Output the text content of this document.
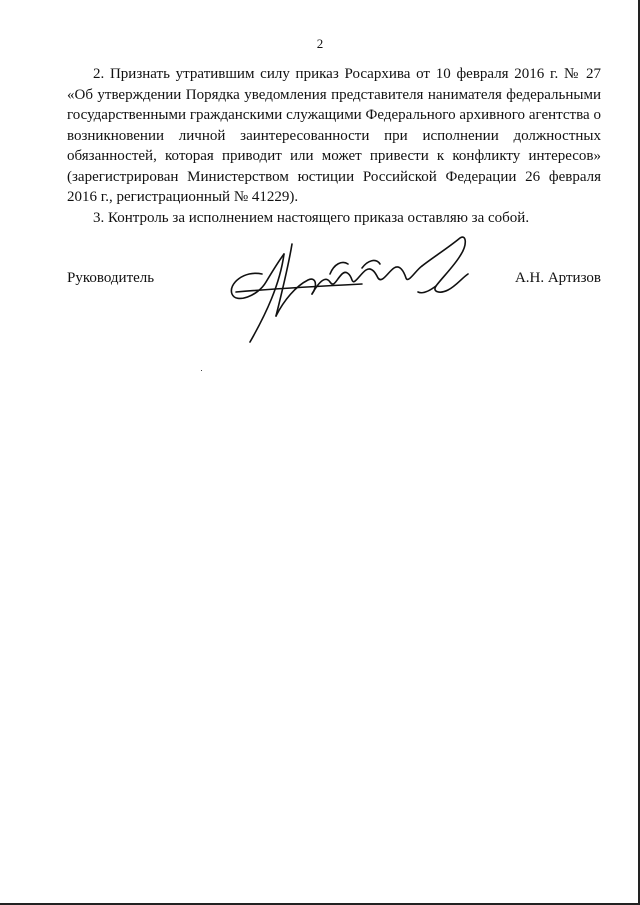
2

2. Признать утратившим силу приказ Росархива от 10 февраля 2016 г. № 27 «Об утверждении Порядка уведомления представителя нанимателя федеральными государственными гражданскими служащими Федерального архивного агентства о возникновении личной заинтересованности при исполнении должностных обязанностей, которая приводит или может привести к конфликту интересов» (зарегистрирован Министерством юстиции Российской Федерации 26 февраля 2016 г., регистрационный № 41229).

3. Контроль за исполнением настоящего приказа оставляю за собой.

Руководитель	А.Н. Артизов
